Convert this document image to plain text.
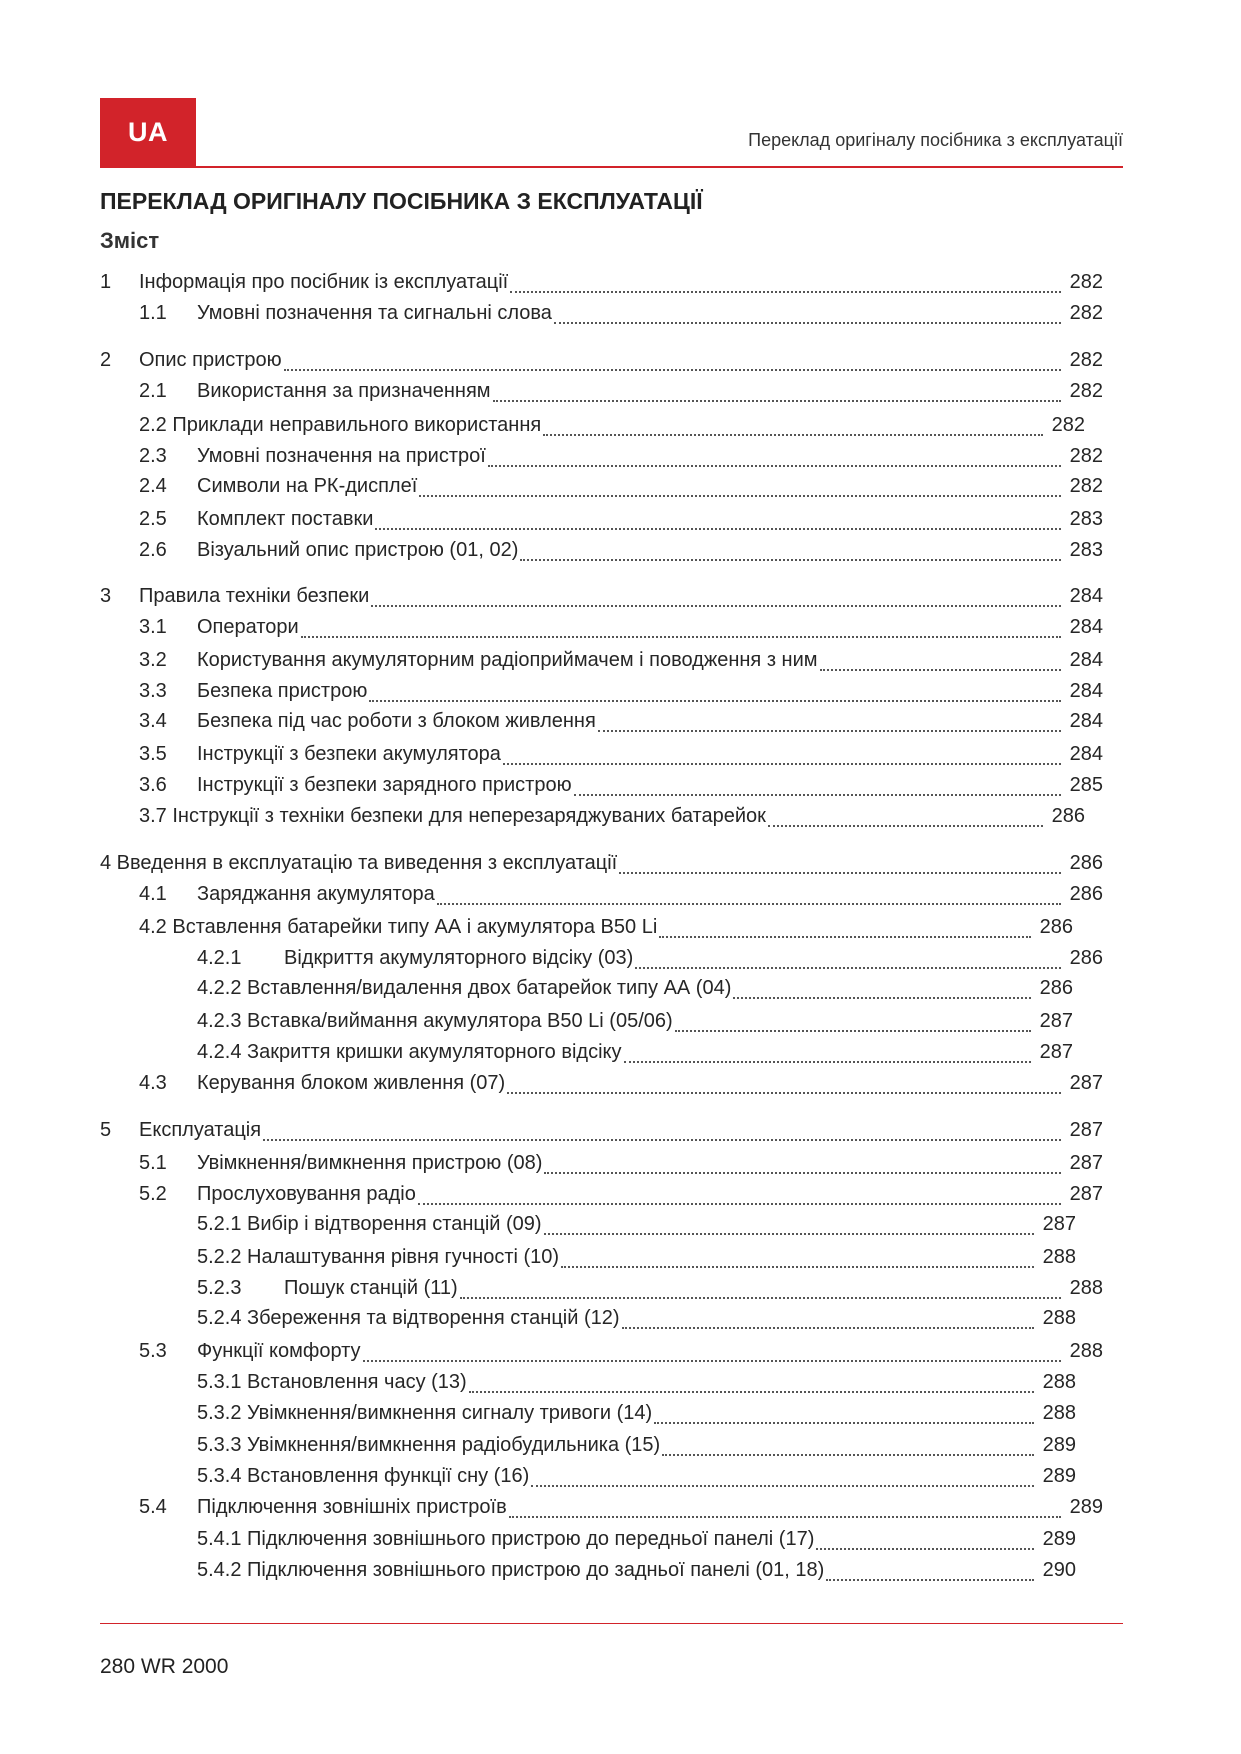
UA	Переклад оригіналу посібника з експлуатації
ПЕРЕКЛАД ОРИГІНАЛУ ПОСІБНИКА З ЕКСПЛУАТАЦІЇ
Зміст
1	Інформація про посібник із експлуатації	282
1.1	Умовні позначення та сигнальні слова	282
2	Опис пристрою	282
2.1	Використання за призначенням	282
2.2 Приклади неправильного використання	282
2.3	Умовні позначення на пристрої	282
2.4	Символи на РК-дисплеї	282
2.5	Комплект поставки	283
2.6	Візуальний опис пристрою (01, 02)	283
3	Правила техніки безпеки	284
3.1	Оператори	284
3.2	Користування акумуляторним радіоприймачем і поводження з ним	284
3.3	Безпека пристрою	284
3.4	Безпека під час роботи з блоком живлення	284
3.5	Інструкції з безпеки акумулятора	284
3.6	Інструкції з безпеки зарядного пристрою	285
3.7 Інструкції з техніки безпеки для неперезаряджуваних батарейок	286
4 Введення в експлуатацію та виведення з експлуатації	286
4.1	Заряджання акумулятора	286
4.2 Вставлення батарейки типу АА і акумулятора B50 Li	286
4.2.1	Відкриття акумуляторного відсіку (03)	286
4.2.2 Вставлення/видалення двох батарейок типу АА (04)	286
4.2.3 Вставка/виймання акумулятора B50 Li (05/06)	287
4.2.4 Закриття кришки акумуляторного відсіку	287
4.3	Керування блоком живлення (07)	287
5	Експлуатація	287
5.1	Увімкнення/вимкнення пристрою (08)	287
5.2	Прослуховування радіо	287
5.2.1 Вибір і відтворення станцій (09)	287
5.2.2 Налаштування рівня гучності (10)	288
5.2.3	Пошук станцій (11)	288
5.2.4 Збереження та відтворення станцій (12)	288
5.3	Функції комфорту	288
5.3.1 Встановлення часу (13)	288
5.3.2 Увімкнення/вимкнення сигналу тривоги (14)	288
5.3.3 Увімкнення/вимкнення радіобудильника (15)	289
5.3.4 Встановлення функції сну (16)	289
5.4	Підключення зовнішніх пристроїв	289
5.4.1 Підключення зовнішнього пристрою до передньої панелі (17)	289
5.4.2 Підключення зовнішнього пристрою до задньої панелі (01, 18)	290
280 WR 2000
